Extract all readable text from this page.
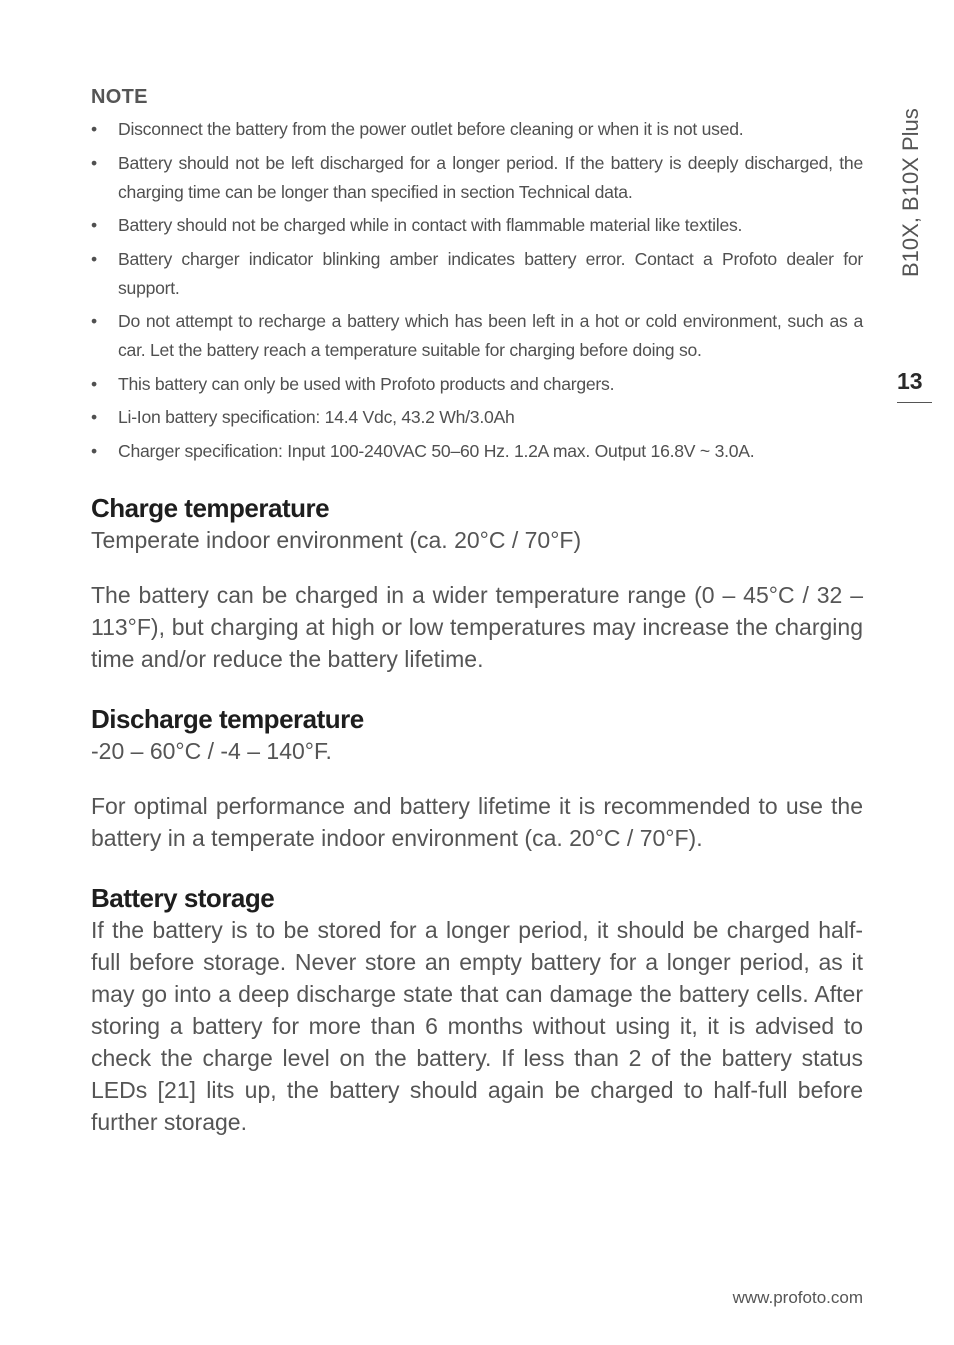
NOTE
• Disconnect the battery from the power outlet before cleaning or when it is not used.
• Battery should not be left discharged for a longer period. If the battery is deeply discharged, the charging time can be longer than specified in section Technical data.
• Battery should not be charged while in contact with flammable material like textiles.
• Battery charger indicator blinking amber indicates battery error. Contact a Profoto dealer for support.
• Do not attempt to recharge a battery which has been left in a hot or cold environment, such as a car. Let the battery reach a temperature suitable for charging before doing so.
• This battery can only be used with Profoto products and chargers.
• Li-Ion battery specification: 14.4 Vdc, 43.2 Wh/3.0Ah
• Charger specification: Input 100-240VAC 50–60 Hz. 1.2A max. Output 16.8V ~ 3.0A.
Charge temperature

Temperate indoor environment (ca. 20°C / 70°F)

The battery can be charged in a wider temperature range (0 – 45°C / 32 – 113°F), but charging at high or low temperatures may increase the charging time and/or reduce the battery lifetime.

Discharge temperature

-20 – 60°C / -4 – 140°F.

For optimal performance and battery lifetime it is recommended to use the battery in a temperate indoor environment (ca. 20°C / 70°F).

Battery storage

If the battery is to be stored for a longer period, it should be charged half-full before storage. Never store an empty battery for a longer period, as it may go into a deep discharge state that can damage the battery cells. After storing a battery for more than 6 months without using it, it is advised to check the charge level on the battery. If less than 2 of the battery status LEDs [21] lits up, the battery should again be charged to half-full before further storage.

B10X, B10X Plus
13
www.profoto.com
